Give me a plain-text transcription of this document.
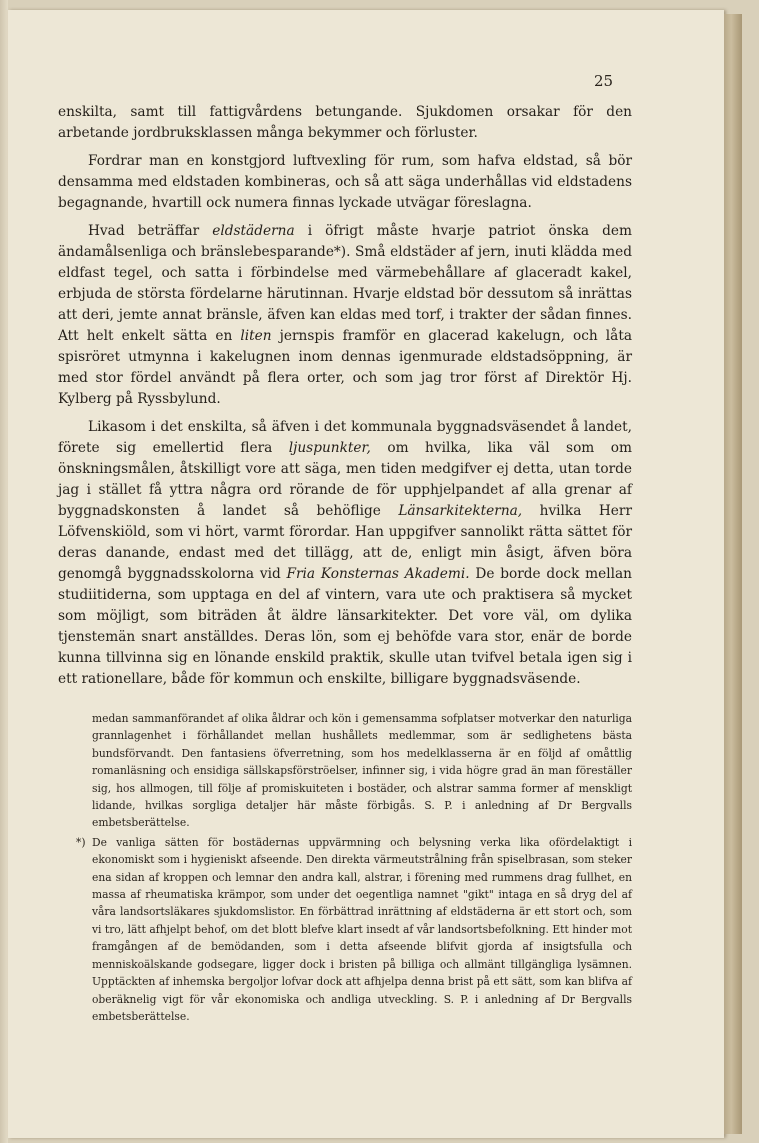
25

enskilta, samt till fattigvårdens betungande. Sjukdomen orsakar för den arbetande jordbruksklassen många bekymmer och förluster.

Fordrar man en konstgjord luftvexling för rum, som hafva eldstad, så bör densamma med eldstaden kombineras, och så att säga underhållas vid eldstadens begagnande, hvartill ock numera finnas lyckade utvägar föreslagna.

Hvad beträffar eldstäderna i öfrigt måste hvarje patriot önska dem ändamålsenliga och bränslebesparande*). Små eldstäder af jern, inuti klädda med eldfast tegel, och satta i förbindelse med värmebehållare af glaceradt kakel, erbjuda de största fördelarne härutinnan. Hvarje eldstad bör dessutom så inrättas att deri, jemte annat bränsle, äfven kan eldas med torf, i trakter der sådan finnes. Att helt enkelt sätta en liten jernspis framför en glacerad kakelugn, och låta spisröret utmynna i kakelugnen inom dennas igenmurade eldstadsöppning, är med stor fördel användt på flera orter, och som jag tror först af Direktör Hj. Kylberg på Ryssbylund.

Likasom i det enskilta, så äfven i det kommunala byggnadsväsendet å landet, förete sig emellertid flera ljuspunkter, om hvilka, lika väl som om önskningsmålen, åtskilligt vore att säga, men tiden medgifver ej detta, utan torde jag i stället få yttra några ord rörande de för upphjelpandet af alla grenar af byggnadskonsten å landet så behöflige Länsarkitekterna, hvilka Herr Löfvenskiöld, som vi hört, varmt förordar. Han uppgifver sannolikt rätta sättet för deras danande, endast med det tillägg, att de, enligt min åsigt, äfven böra genomgå byggnadsskolorna vid Fria Konsternas Akademi. De borde dock mellan studiitiderna, som upptaga en del af vintern, vara ute och praktisera så mycket som möjligt, som biträden åt äldre länsarkitekter. Det vore väl, om dylika tjenstemän snart anställdes. Deras lön, som ej behöfde vara stor, enär de borde kunna tillvinna sig en lönande enskild praktik, skulle utan tvifvel betala igen sig i ett rationellare, både för kommun och enskilte, billigare byggnadsväsende.

medan sammanförandet af olika åldrar och kön i gemensamma sofplatser motverkar den naturliga grannlagenhet i förhållandet mellan hushållets medlemmar, som är sedlighetens bästa bundsförvandt. Den fantasiens öfverretning, som hos medelklasserna är en följd af omåttlig romanläsning och ensidiga sällskapsförströelser, infinner sig, i vida högre grad än man föreställer sig, hos allmogen, till följe af promiskuiteten i bostäder, och alstrar samma former af menskligt lidande, hvilkas sorgliga detaljer här måste förbigås. S. P. i anledning af Dr Bergvalls embetsberättelse.

*) De vanliga sätten för bostädernas uppvärmning och belysning verka lika ofördelaktigt i ekonomiskt som i hygieniskt afseende. Den direkta värmeutstrålning från spiselbrasan, som steker ena sidan af kroppen och lemnar den andra kall, alstrar, i förening med rummens drag fullhet, en massa af rheumatiska krämpor, som under det oegentliga namnet "gikt" intaga en så dryg del af våra landsortsläkares sjukdomslistor. En förbättrad inrättning af eldstäderna är ett stort och, som vi tro, lätt afhjelpt behof, om det blott blefve klart insedt af vår landsortsbefolkning. Ett hinder mot framgången af de bemödanden, som i detta afseende blifvit gjorda af insigtsfulla och menniskoälskande godsegare, ligger dock i bristen på billiga och allmänt tillgängliga lysämnen. Upptäckten af inhemska bergoljor lofvar dock att afhjelpa denna brist på ett sätt, som kan blifva af oberäknelig vigt för vår ekonomiska och andliga utveckling. S. P. i anledning af Dr Bergvalls embetsberättelse.
